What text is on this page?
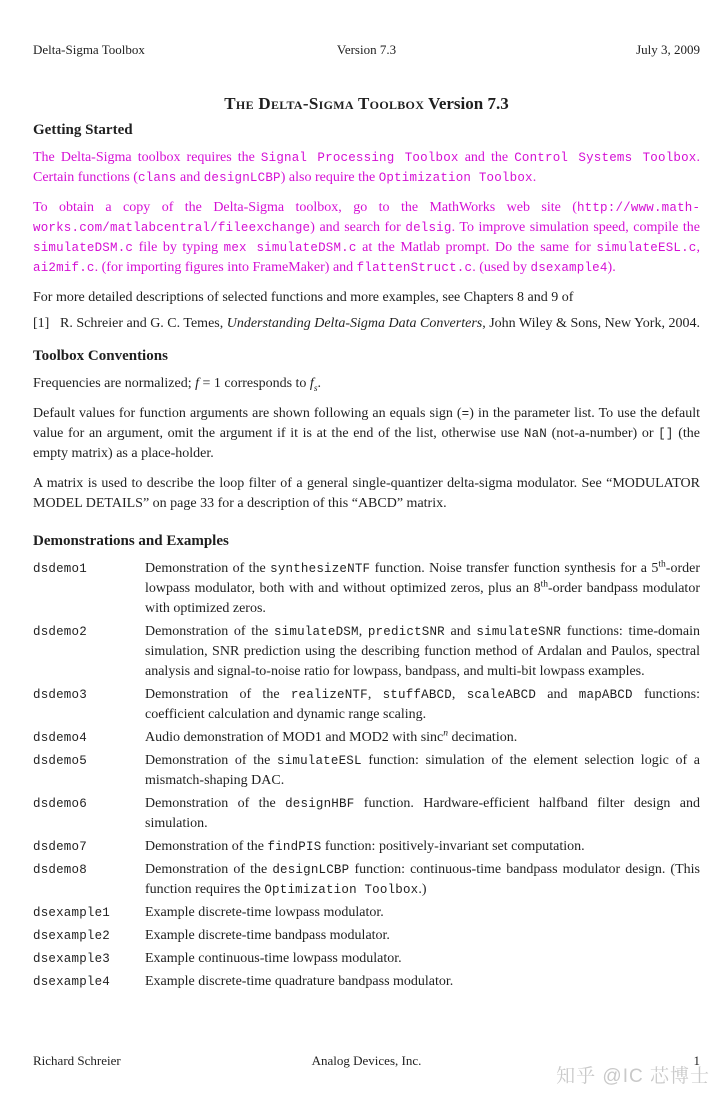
Delta-Sigma Toolbox	Version 7.3	July 3, 2009
The Delta-Sigma Toolbox Version 7.3
Getting Started

The Delta-Sigma toolbox requires the Signal Processing Toolbox and the Control Systems Toolbox. Certain functions (clans and designLCBP) also require the Optimization Toolbox.

To obtain a copy of the Delta-Sigma toolbox, go to the MathWorks web site (http://www.mathworks.com/matlabcentral/fileexchange) and search for delsig. To improve simulation speed, compile the simulateDSM.c file by typing mex simulateDSM.c at the Matlab prompt. Do the same for simulateESL.c, ai2mif.c. (for importing figures into FrameMaker) and flattenStruct.c. (used by dsexample4).

For more detailed descriptions of selected functions and more examples, see Chapters 8 and 9 of

[1] R. Schreier and G. C. Temes, Understanding Delta-Sigma Data Converters, John Wiley & Sons, New York, 2004.
Toolbox Conventions

Frequencies are normalized; f = 1 corresponds to $f_s$.

Default values for function arguments are shown following an equals sign (=) in the parameter list. To use the default value for an argument, omit the argument if it is at the end of the list, otherwise use NaN (not-a-number) or [] (the empty matrix) as a place-holder.

A matrix is used to describe the loop filter of a general single-quantizer delta-sigma modulator. See “MODULATOR MODEL DETAILS” on page 33 for a description of this “ABCD” matrix.

Demonstrations and Examples
dsdemo1	Demonstration of the synthesizeNTF function. Noise transfer function synthesis for a 5th-order lowpass modulator, both with and without optimized zeros, plus an 8th-order bandpass modulator with optimized zeros.
dsdemo2	Demonstration of the simulateDSM, predictSNR and simulateSNR functions: time-domain simulation, SNR prediction using the describing function method of Ardalan and Paulos, spectral analysis and signal-to-noise ratio for lowpass, bandpass, and multi-bit lowpass examples.
dsdemo3	Demonstration of the realizeNTF, stuffABCD, scaleABCD and mapABCD functions: coefficient calculation and dynamic range scaling.
dsdemo4	Audio demonstration of MOD1 and MOD2 with sinc$^n$ decimation.
dsdemo5	Demonstration of the simulateESL function: simulation of the element selection logic of a mismatch-shaping DAC.
dsdemo6	Demonstration of the designHBF function. Hardware-efficient halfband filter design and simulation.
dsdemo7	Demonstration of the findPIS function: positively-invariant set computation.
dsdemo8	Demonstration of the designLCBP function: continuous-time bandpass modulator design. (This function requires the Optimization Toolbox.)
dsexample1	Example discrete-time lowpass modulator.
dsexample2	Example discrete-time bandpass modulator.
dsexample3	Example continuous-time lowpass modulator.
dsexample4	Example discrete-time quadrature bandpass modulator.
Richard Schreier	Analog Devices, Inc.	1
知乎 @IC 芯博士
